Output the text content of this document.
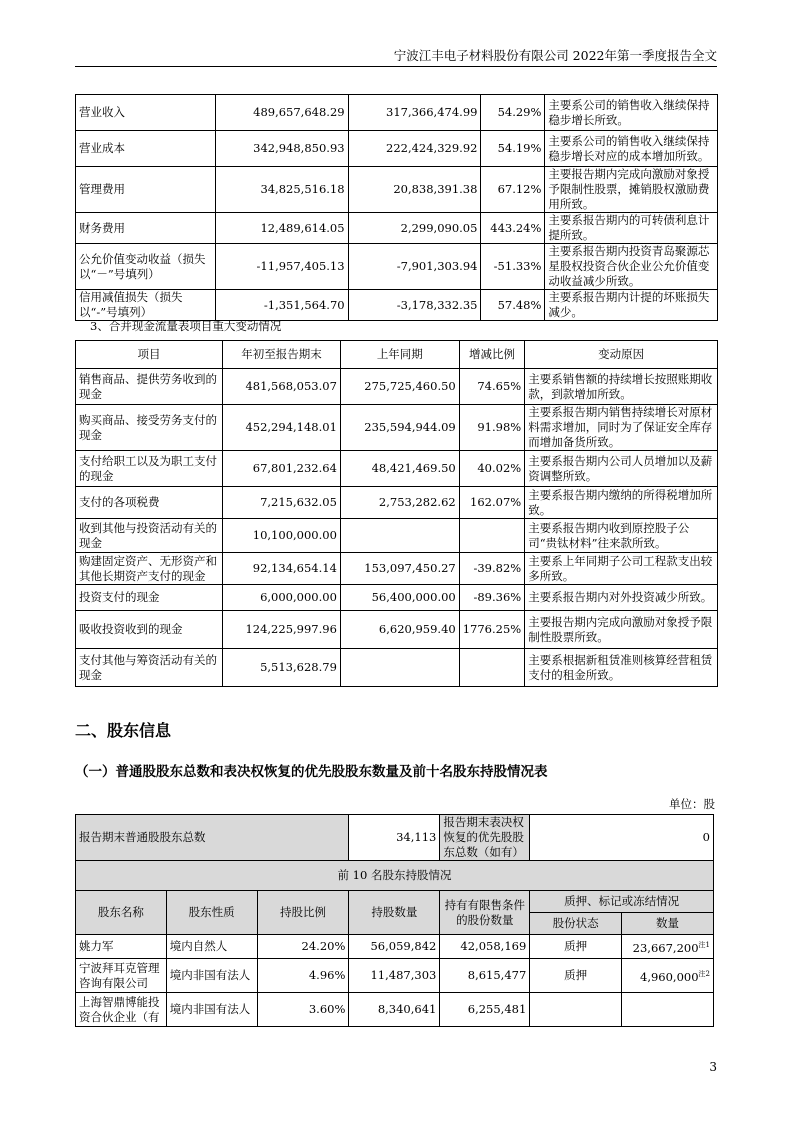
宁波江丰电子材料股份有限公司 2022年第一季度报告全文
营业收入	489,657,648.29	317,366,474.99	54.29%	主要系公司的销售收入继续保持稳步增长所致。
营业成本	342,948,850.93	222,424,329.92	54.19%	主要系公司的销售收入继续保持稳步增长对应的成本增加所致。
管理费用	34,825,516.18	20,838,391.38	67.12%	主要报告期内完成向激励对象授予限制性股票，摊销股权激励费用所致。
财务费用	12,489,614.05	2,299,090.05	443.24%	主要系报告期内的可转债利息计提所致。
公允价值变动收益（损失以“－”号填列）	-11,957,405.13	-7,901,303.94	-51.33%	主要系报告期内投资青岛聚源芯星股权投资合伙企业公允价值变动收益减少所致。
信用减值损失（损失以“-”号填列）	-1,351,564.70	-3,178,332.35	57.48%	主要系报告期内计提的坏账损失减少。
3、合并现金流量表项目重大变动情况
项目	年初至报告期末	上年同期	增减比例	变动原因
销售商品、提供劳务收到的现金	481,568,053.07	275,725,460.50	74.65%	主要系销售额的持续增长按照账期收款，到款增加所致。
购买商品、接受劳务支付的现金	452,294,148.01	235,594,944.09	91.98%	主要系报告期内销售持续增长对原材料需求增加，同时为了保证安全库存而增加备货所致。
支付给职工以及为职工支付的现金	67,801,232.64	48,421,469.50	40.02%	主要系报告期内公司人员增加以及薪资调整所致。
支付的各项税费	7,215,632.05	2,753,282.62	162.07%	主要系报告期内缴纳的所得税增加所致。
收到其他与投资活动有关的现金	10,100,000.00			主要系报告期内收到原控股子公司“贵钛材料”往来款所致。
购建固定资产、无形资产和其他长期资产支付的现金	92,134,654.14	153,097,450.27	-39.82%	主要系上年同期子公司工程款支出较多所致。
投资支付的现金	6,000,000.00	56,400,000.00	-89.36%	主要系报告期内对外投资减少所致。
吸收投资收到的现金	124,225,997.96	6,620,959.40	1776.25%	主要报告期内完成向激励对象授予限制性股票所致。
支付其他与筹资活动有关的现金	5,513,628.79			主要系根据新租赁准则核算经营租赁支付的租金所致。
二、股东信息
（一）普通股股东总数和表决权恢复的优先股股东数量及前十名股东持股情况表
单位：股
报告期末普通股股东总数			34,113	报告期末表决权恢复的优先股股东总数（如有）	0	
前 10 名股东持股情况						
股东名称	股东性质	持股比例	持股数量	持有有限售条件的股份数量	质押、标记或冻结情况	
					股份状态	数量
姚力军	境内自然人	24.20%	56,059,842	42,058,169	质押	23,667,200$^{注1}$
宁波拜耳克管理咨询有限公司	境内非国有法人	4.96%	11,487,303	8,615,477	质押	4,960,000$^{注2}$
上海智鼎博能投资合伙企业（有	境内非国有法人	3.60%	8,340,641	6,255,481		
3
